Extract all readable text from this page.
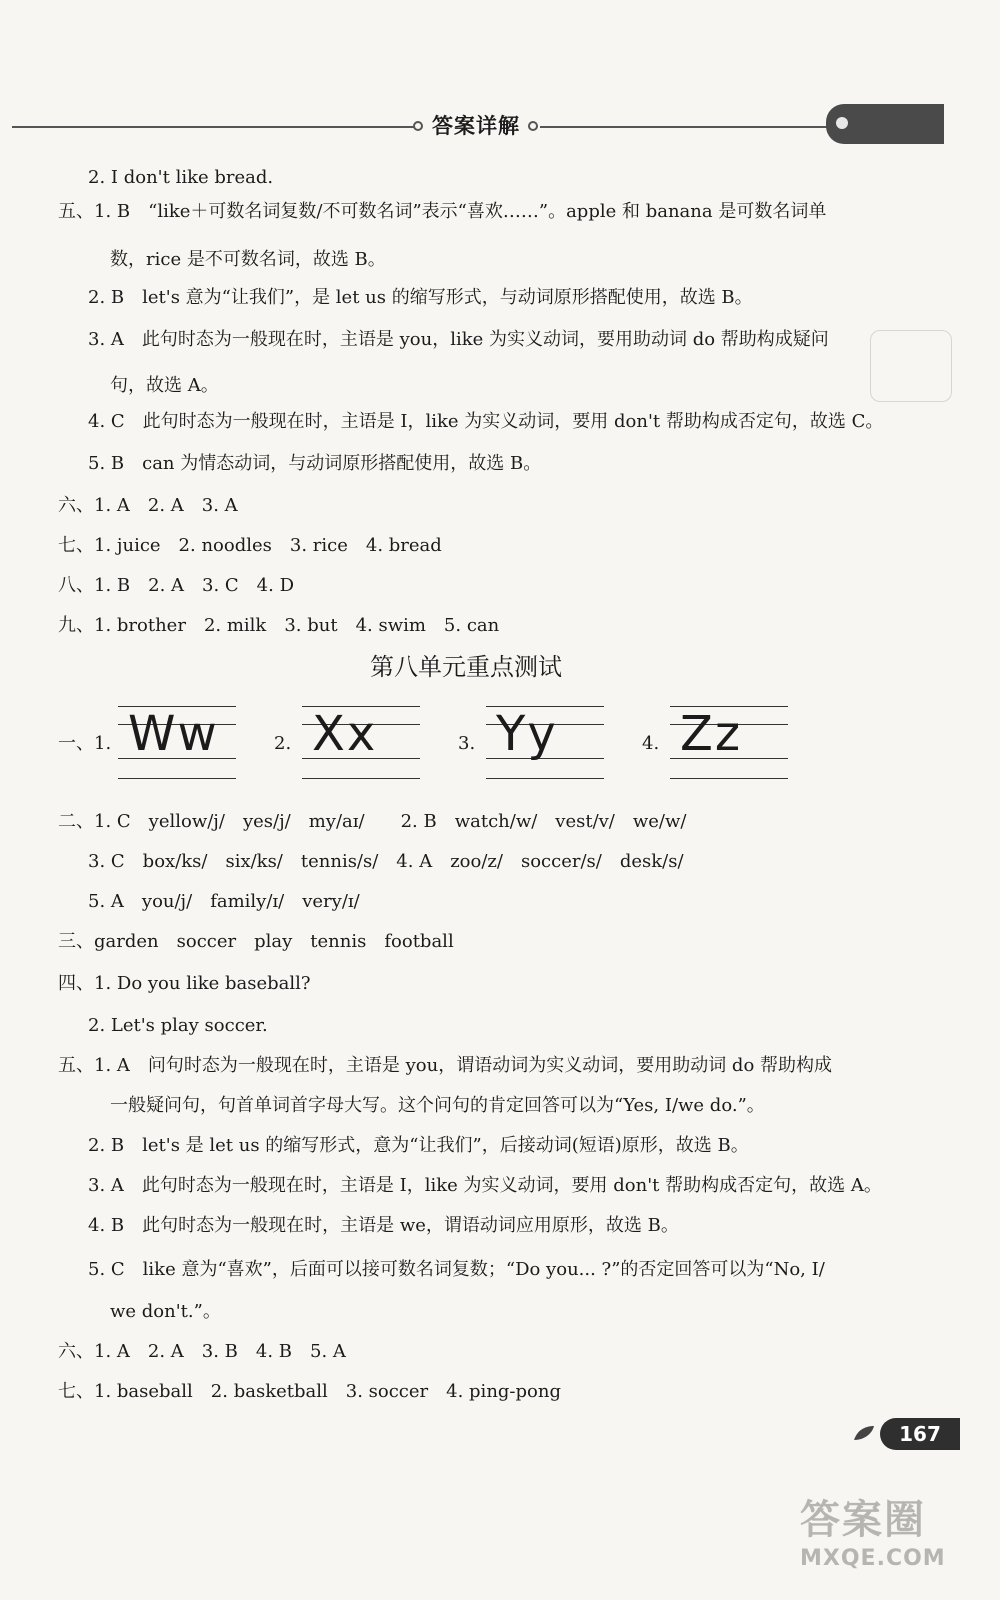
答案详解
2. I don't like bread.
五、1. B　“like＋可数名词复数/不可数名词”表示“喜欢……”。apple 和 banana 是可数名词单
数，rice 是不可数名词，故选 B。
2. B　let's 意为“让我们”，是 let us 的缩写形式，与动词原形搭配使用，故选 B。
3. A　此句时态为一般现在时，主语是 you，like 为实义动词，要用助动词 do 帮助构成疑问
句，故选 A。
4. C　此句时态为一般现在时，主语是 I，like 为实义动词，要用 don't 帮助构成否定句，故选 C。
5. B　can 为情态动词，与动词原形搭配使用，故选 B。
六、1. A　2. A　3. A
七、1. juice　2. noodles　3. rice　4. bread
八、1. B　2. A　3. C　4. D
九、1. brother　2. milk　3. but　4. swim　5. can
第八单元重点测试
一、1. Ww	2. Xx	3. Yy	4. Zz
二、1. C　yellow/j/　yes/j/　my/aɪ/　　2. B　watch/w/　vest/v/　we/w/
3. C　box/ks/　six/ks/　tennis/s/　4. A　zoo/z/　soccer/s/　desk/s/
5. A　you/j/　family/ɪ/　very/ɪ/
三、garden　soccer　play　tennis　football
四、1. Do you like baseball?
2. Let's play soccer.
五、1. A　问句时态为一般现在时，主语是 you，谓语动词为实义动词，要用助动词 do 帮助构成
一般疑问句，句首单词首字母大写。这个问句的肯定回答可以为“Yes, I/we do.”。
2. B　let's 是 let us 的缩写形式，意为“让我们”，后接动词(短语)原形，故选 B。
3. A　此句时态为一般现在时，主语是 I，like 为实义动词，要用 don't 帮助构成否定句，故选 A。
4. B　此句时态为一般现在时，主语是 we，谓语动词应用原形，故选 B。
5. C　like 意为“喜欢”，后面可以接可数名词复数；“Do you... ?”的否定回答可以为“No, I/
we don't.”。
六、1. A　2. A　3. B　4. B　5. A
七、1. baseball　2. basketball　3. soccer　4. ping-pong
167
答案圈
MXQE.COM
